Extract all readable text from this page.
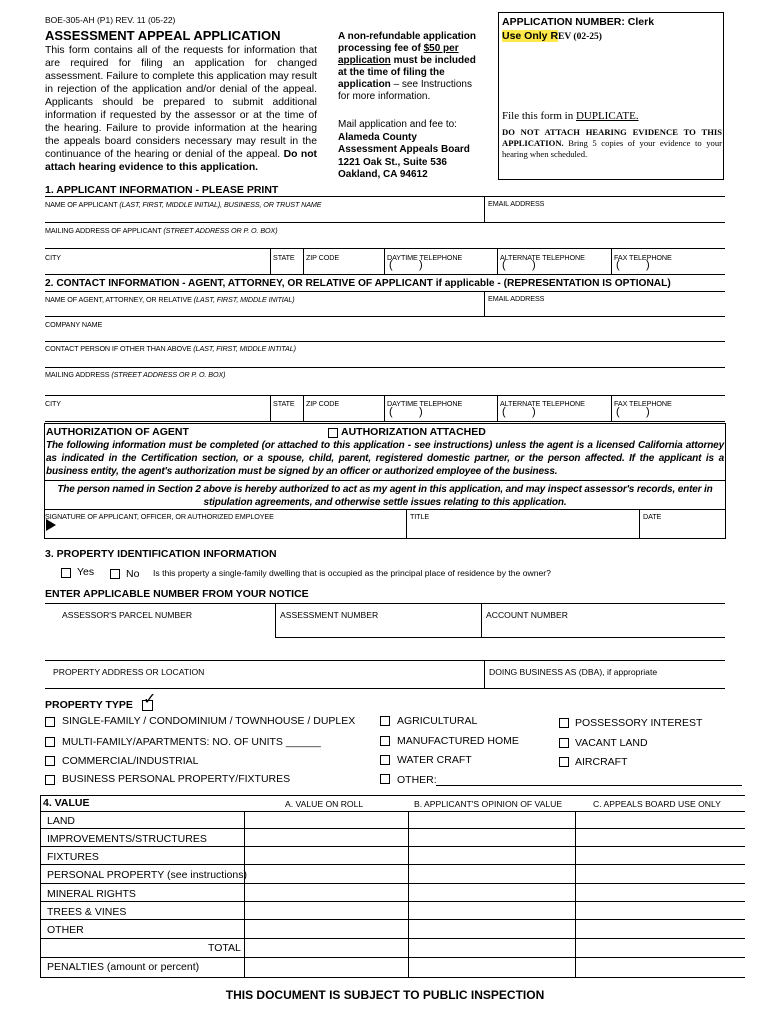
BOE-305-AH (P1) REV. 11 (05-22)
ASSESSMENT APPEAL APPLICATION
This form contains all of the requests for information that are required for filing an application for changed assessment. Failure to complete this application may result in rejection of the application and/or denial of the appeal. Applicants should be prepared to submit additional information if requested by the assessor or at the time of the hearing. Failure to provide information at the hearing the appeals board considers necessary may result in the continuance of the hearing or denial of the appeal. Do not attach hearing evidence to this application.
A non-refundable application processing fee of $50 per application must be included at the time of filing the application – see Instructions for more information.
Mail application and fee to:
Alameda County
Assessment Appeals Board
1221 Oak St., Suite 536
Oakland, CA 94612
APPLICATION NUMBER: Clerk
Use Only REV (02-25)
File this form in DUPLICATE.
DO NOT ATTACH HEARING EVIDENCE TO THIS APPLICATION. Bring 5 copies of your evidence to your hearing when scheduled.
1. APPLICANT INFORMATION - PLEASE PRINT
NAME OF APPLICANT (LAST, FIRST, MIDDLE INITIAL), BUSINESS, OR TRUST NAME	EMAIL ADDRESS
MAILING ADDRESS OF APPLICANT (STREET ADDRESS OR P. O. BOX)
CITY	STATE ZIP CODE	DAYTIME TELEPHONE	ALTERNATE TELEPHONE	FAX TELEPHONE
( )	( )	( )
2. CONTACT INFORMATION - AGENT, ATTORNEY, OR RELATIVE OF APPLICANT if applicable - (REPRESENTATION IS OPTIONAL)
NAME OF AGENT, ATTORNEY, OR RELATIVE (LAST, FIRST, MIDDLE INITIAL)	EMAIL ADDRESS
COMPANY NAME
CONTACT PERSON IF OTHER THAN ABOVE (LAST, FIRST, MIDDLE INTITAL)
MAILING ADDRESS (STREET ADDRESS OR P. O. BOX)
CITY	STATE ZIP CODE	DAYTIME TELEPHONE	ALTERNATE TELEPHONE	FAX TELEPHONE
( )	( )	( )
AUTHORIZATION OF AGENT	AUTHORIZATION ATTACHED
The following information must be completed (or attached to this application - see instructions) unless the agent is a licensed California attorney as indicated in the Certification section, or a spouse, child, parent, registered domestic partner, or the person affected. If the applicant is a business entity, the agent's authorization must be signed by an officer or authorized employee of the business.
The person named in Section 2 above is hereby authorized to act as my agent in this application, and may inspect assessor's records, enter in stipulation agreements, and otherwise settle issues relating to this application.
SIGNATURE OF APPLICANT, OFFICER, OR AUTHORIZED EMPLOYEE	TITLE	DATE
3. PROPERTY IDENTIFICATION INFORMATION
Yes	No Is this property a single-family dwelling that is occupied as the principal place of residence by the owner?
ENTER APPLICABLE NUMBER FROM YOUR NOTICE
ASSESSOR'S PARCEL NUMBER	ASSESSMENT NUMBER	ACCOUNT NUMBER
PROPERTY ADDRESS OR LOCATION	DOING BUSINESS AS (DBA), if appropriate
PROPERTY TYPE ✓
SINGLE-FAMILY / CONDOMINIUM / TOWNHOUSE / DUPLEX
MULTI-FAMILY/APARTMENTS: NO. OF UNITS ______
COMMERCIAL/INDUSTRIAL
BUSINESS PERSONAL PROPERTY/FIXTURES
AGRICULTURAL
MANUFACTURED HOME
WATER CRAFT
OTHER:
POSSESSORY INTEREST
VACANT LAND
AIRCRAFT
4. VALUE	A. VALUE ON ROLL	B. APPLICANT'S OPINION OF VALUE	C. APPEALS BOARD USE ONLY
LAND
IMPROVEMENTS/STRUCTURES
FIXTURES
PERSONAL PROPERTY (see instructions)
MINERAL RIGHTS
TREES & VINES
OTHER
TOTAL
PENALTIES (amount or percent)
THIS DOCUMENT IS SUBJECT TO PUBLIC INSPECTION
